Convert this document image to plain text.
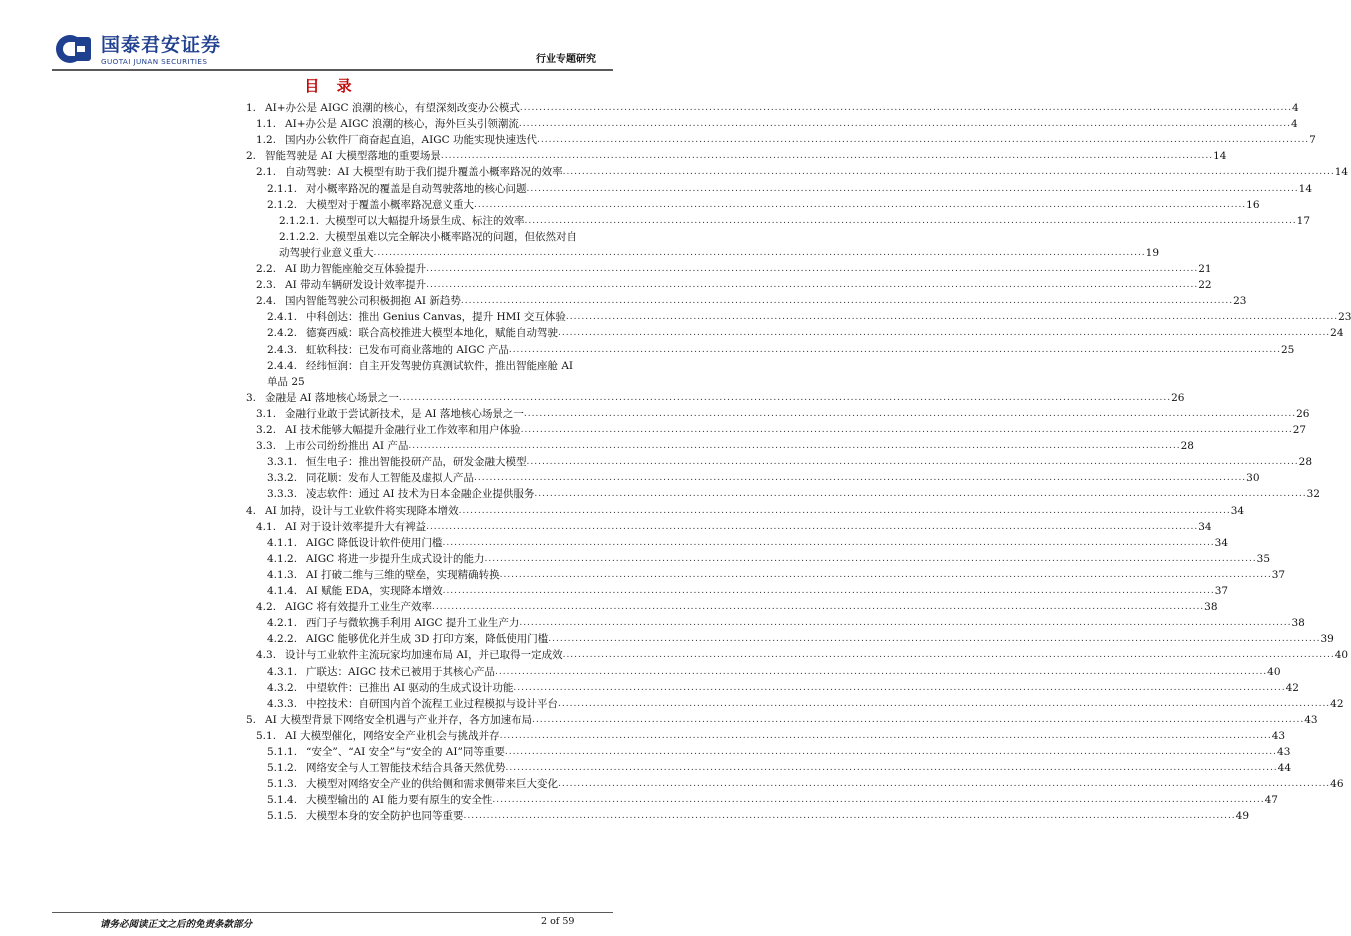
国泰君安证券
GUOTAI JUNAN SECURITIES	行业专题研究
目 录
1. AI+办公是 AIGC 浪潮的核心，有望深刻改变办公模式 ........................................................................................................................................................................................................ 4
1.1. AI+办公是 AIGC 浪潮的核心，海外巨头引领潮流 ........................................................................................................................................................................................................ 4
1.2. 国内办公软件厂商奋起直追，AIGC 功能实现快速迭代 ........................................................................................................................................................................................................ 7
2. 智能驾驶是 AI 大模型落地的重要场景 ........................................................................................................................................................................................................ 14
2.1. 自动驾驶：AI 大模型有助于我们提升覆盖小概率路况的效率 ........................................................................................................................................................................................................ 14
2.1.1. 对小概率路况的覆盖是自动驾驶落地的核心问题 ........................................................................................................................................................................................................ 14
2.1.2. 大模型对于覆盖小概率路况意义重大 ........................................................................................................................................................................................................ 16
2.1.2.1. 大模型可以大幅提升场景生成、标注的效率 ........................................................................................................................................................................................................ 17
2.1.2.2. 大模型虽难以完全解决小概率路况的问题，但依然对自
动驾驶行业意义重大 ........................................................................................................................................................................................................ 19
2.2. AI 助力智能座舱交互体验提升 ........................................................................................................................................................................................................ 21
2.3. AI 带动车辆研发设计效率提升 ........................................................................................................................................................................................................ 22
2.4. 国内智能驾驶公司积极拥抱 AI 新趋势 ........................................................................................................................................................................................................ 23
2.4.1. 中科创达：推出 Genius Canvas，提升 HMI 交互体验 ........................................................................................................................................................................................................ 23
2.4.2. 德赛西威：联合高校推进大模型本地化，赋能自动驾驶 ........................................................................................................................................................................................................ 24
2.4.3. 虹软科技：已发布可商业落地的 AIGC 产品 ........................................................................................................................................................................................................ 25
2.4.4. 经纬恒润：自主开发驾驶仿真测试软件，推出智能座舱 AI
单品 25
3. 金融是 AI 落地核心场景之一 ........................................................................................................................................................................................................ 26
3.1. 金融行业敢于尝试新技术，是 AI 落地核心场景之一 ........................................................................................................................................................................................................ 26
3.2. AI 技术能够大幅提升金融行业工作效率和用户体验 ........................................................................................................................................................................................................ 27
3.3. 上市公司纷纷推出 AI 产品 ........................................................................................................................................................................................................ 28
3.3.1. 恒生电子：推出智能投研产品，研发金融大模型 ........................................................................................................................................................................................................ 28
3.3.2. 同花顺：发布人工智能及虚拟人产品 ........................................................................................................................................................................................................ 30
3.3.3. 凌志软件：通过 AI 技术为日本金融企业提供服务 ........................................................................................................................................................................................................ 32
4. AI 加持，设计与工业软件将实现降本增效 ........................................................................................................................................................................................................ 34
4.1. AI 对于设计效率提升大有裨益 ........................................................................................................................................................................................................ 34
4.1.1. AIGC 降低设计软件使用门槛 ........................................................................................................................................................................................................ 34
4.1.2. AIGC 将进一步提升生成式设计的能力 ........................................................................................................................................................................................................ 35
4.1.3. AI 打破二维与三维的壁垒，实现精确转换 ........................................................................................................................................................................................................ 37
4.1.4. AI 赋能 EDA，实现降本增效 ........................................................................................................................................................................................................ 37
4.2. AIGC 将有效提升工业生产效率 ........................................................................................................................................................................................................ 38
4.2.1. 西门子与微软携手利用 AIGC 提升工业生产力 ........................................................................................................................................................................................................ 38
4.2.2. AIGC 能够优化并生成 3D 打印方案，降低使用门槛 ........................................................................................................................................................................................................ 39
4.3. 设计与工业软件主流玩家均加速布局 AI，并已取得一定成效 ........................................................................................................................................................................................................ 40
4.3.1. 广联达：AIGC 技术已被用于其核心产品 ........................................................................................................................................................................................................ 40
4.3.2. 中望软件：已推出 AI 驱动的生成式设计功能 ........................................................................................................................................................................................................ 42
4.3.3. 中控技术：自研国内首个流程工业过程模拟与设计平台 ........................................................................................................................................................................................................ 42
5. AI 大模型背景下网络安全机遇与产业并存，各方加速布局 ........................................................................................................................................................................................................ 43
5.1. AI 大模型催化，网络安全产业机会与挑战并存 ........................................................................................................................................................................................................ 43
5.1.1. “安全”、“AI 安全”与“安全的 AI”同等重要 ........................................................................................................................................................................................................ 43
5.1.2. 网络安全与人工智能技术结合具备天然优势 ........................................................................................................................................................................................................ 44
5.1.3. 大模型对网络安全产业的供给侧和需求侧带来巨大变化 ........................................................................................................................................................................................................ 46
5.1.4. 大模型输出的 AI 能力要有原生的安全性 ........................................................................................................................................................................................................ 47
5.1.5. 大模型本身的安全防护也同等重要 ........................................................................................................................................................................................................ 49
请务必阅读正文之后的免责条款部分	2 of 59
